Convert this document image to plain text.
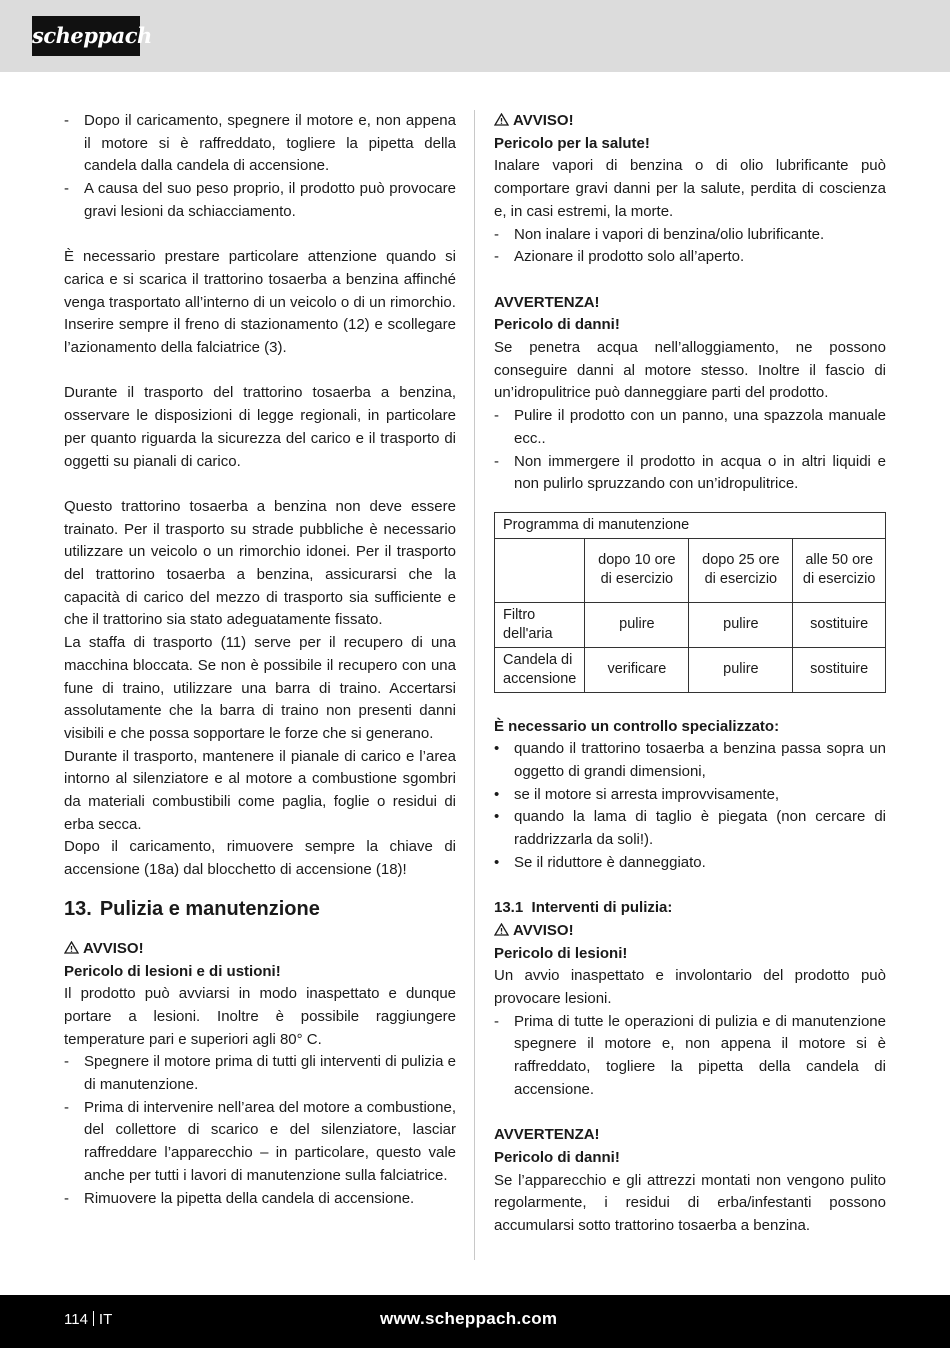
scheppach
-	Dopo il caricamento, spegnere il motore e, non appena il motore si è raffreddato, togliere la pipetta della candela dalla candela di accensione.
-	A causa del suo peso proprio, il prodotto può provocare gravi lesioni da schiacciamento.

È necessario prestare particolare attenzione quando si carica e si scarica il trattorino tosaerba a benzina affinché venga trasportato all’interno di un veicolo o di un rimorchio.

Inserire sempre il freno di stazionamento (12) e scollegare l’azionamento della falciatrice (3).

Durante il trasporto del trattorino tosaerba a benzina, osservare le disposizioni di legge regionali, in particolare per quanto riguarda la sicurezza del carico e il trasporto di oggetti su pianali di carico.

Questo trattorino tosaerba a benzina non deve essere trainato. Per il trasporto su strade pubbliche è necessario utilizzare un veicolo o un rimorchio idonei. Per il trasporto del trattorino tosaerba a benzina, assicurarsi che la capacità di carico del mezzo di trasporto sia sufficiente e che il trattorino sia stato adeguatamente fissato.

La staffa di trasporto (11) serve per il recupero di una macchina bloccata. Se non è possibile il recupero con una fune di traino, utilizzare una barra di traino. Accertarsi assolutamente che la barra di traino non presenti danni visibili e che possa sopportare le forze che si generano.

Durante il trasporto, mantenere il pianale di carico e l’area intorno al silenziatore e al motore a combustione sgombri da materiali combustibili come paglia, foglie o residui di erba secca.

Dopo il caricamento, rimuovere sempre la chiave di accensione (18a) dal blocchetto di accensione (18)!

13. Pulizia e manutenzione
AVVISO!
Pericolo di lesioni e di ustioni!

Il prodotto può avviarsi in modo inaspettato e dunque portare a lesioni. Inoltre è possibile raggiungere temperature pari e superiori agli 80° C.

-	Spegnere il motore prima di tutti gli interventi di pulizia e di manutenzione.
-	Prima di intervenire nell’area del motore a combustione, del collettore di scarico e del silenziatore, lasciar raffreddare l’apparecchio – in particolare, questo vale anche per tutti i lavori di manutenzione sulla falciatrice.
-	Rimuovere la pipetta della candela di accensione.
AVVISO!
Pericolo per la salute!

Inalare vapori di benzina o di olio lubrificante può comportare gravi danni per la salute, perdita di coscienza e, in casi estremi, la morte.

-	Non inalare i vapori di benzina/olio lubrificante.
-	Azionare il prodotto solo all’aperto.
AVVERTENZA!
Pericolo di danni!

Se penetra acqua nell’alloggiamento, ne possono conseguire danni al motore stesso. Inoltre il fascio di un’idropulitrice può danneggiare parti del prodotto.

-	Pulire il prodotto con un panno, una spazzola manuale ecc..
-	Non immergere il prodotto in acqua o in altri liquidi e non pulirlo spruzzando con un’idropulitrice.
Programma di manutenzione			
	dopo 10 ore di esercizio	dopo 25 ore di esercizio	alle 50 ore di esercizio
Filtro dell'aria	pulire	pulire	sostituire
Candela di accensione	verificare	pulire	sostituire
È necessario un controllo specializzato:
• quando il trattorino tosaerba a benzina passa sopra un oggetto di grandi dimensioni,
• se il motore si arresta improvvisamente,
• quando la lama di taglio è piegata (non cercare di raddrizzarla da soli!).
• Se il riduttore è danneggiato.
13.1 Interventi di pulizia:
AVVISO!
Pericolo di lesioni!

Un avvio inaspettato e involontario del prodotto può provocare lesioni.

-	Prima di tutte le operazioni di pulizia e di manutenzione spegnere il motore e, non appena il motore si è raffreddato, togliere la pipetta della candela di accensione.
AVVERTENZA!
Pericolo di danni!

Se l’apparecchio e gli attrezzi montati non vengono pulito regolarmente, i residui di erba/infestanti possono accumularsi sotto trattorino tosaerba a benzina.

114 IT	www.scheppach.com
